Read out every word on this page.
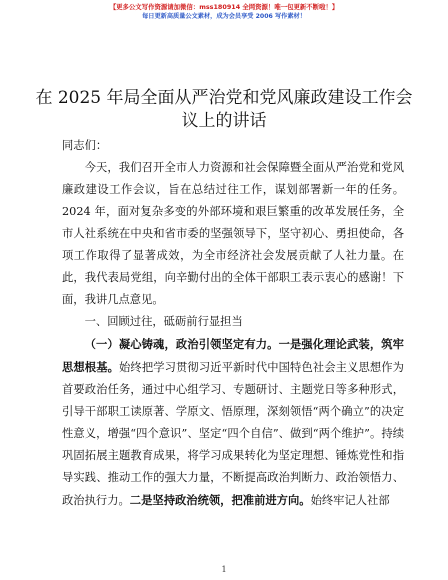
【更多公文写作资源请加微信：mss180914 全网资源！唯一包更新不断啦！】
每日更新高质量公文素材，成为会员享受 2006 写作素材！
在 2025 年局全面从严治党和党风廉政建设工作会议上的讲话

同志们：

今天，我们召开全市人力资源和社会保障暨全面从严治党和党风廉政建设工作会议，旨在总结过往工作，谋划部署新一年的任务。2024 年，面对复杂多变的外部环境和艰巨繁重的改革发展任务，全市人社系统在中央和省市委的坚强领导下，坚守初心、勇担使命，各项工作取得了显著成效，为全市经济社会发展贡献了人社力量。在此，我代表局党组，向辛勤付出的全体干部职工表示衷心的感谢！下面，我讲几点意见。

一、回顾过往，砥砺前行显担当

（一）凝心铸魂，政治引领坚定有力。一是强化理论武装，筑牢思想根基。始终把学习贯彻习近平新时代中国特色社会主义思想作为首要政治任务，通过中心组学习、专题研讨、主题党日等多种形式，引导干部职工读原著、学原文、悟原理，深刻领悟“两个确立”的决定性意义，增强“四个意识”、坚定“四个自信”、做到“两个维护”。持续巩固拓展主题教育成果，将学习成果转化为坚定理想、锤炼党性和指导实践、推动工作的强大力量，不断提高政治判断力、政治领悟力、政治执行力。二是坚持政治统领，把准前进方向。始终牢记人社部

1
